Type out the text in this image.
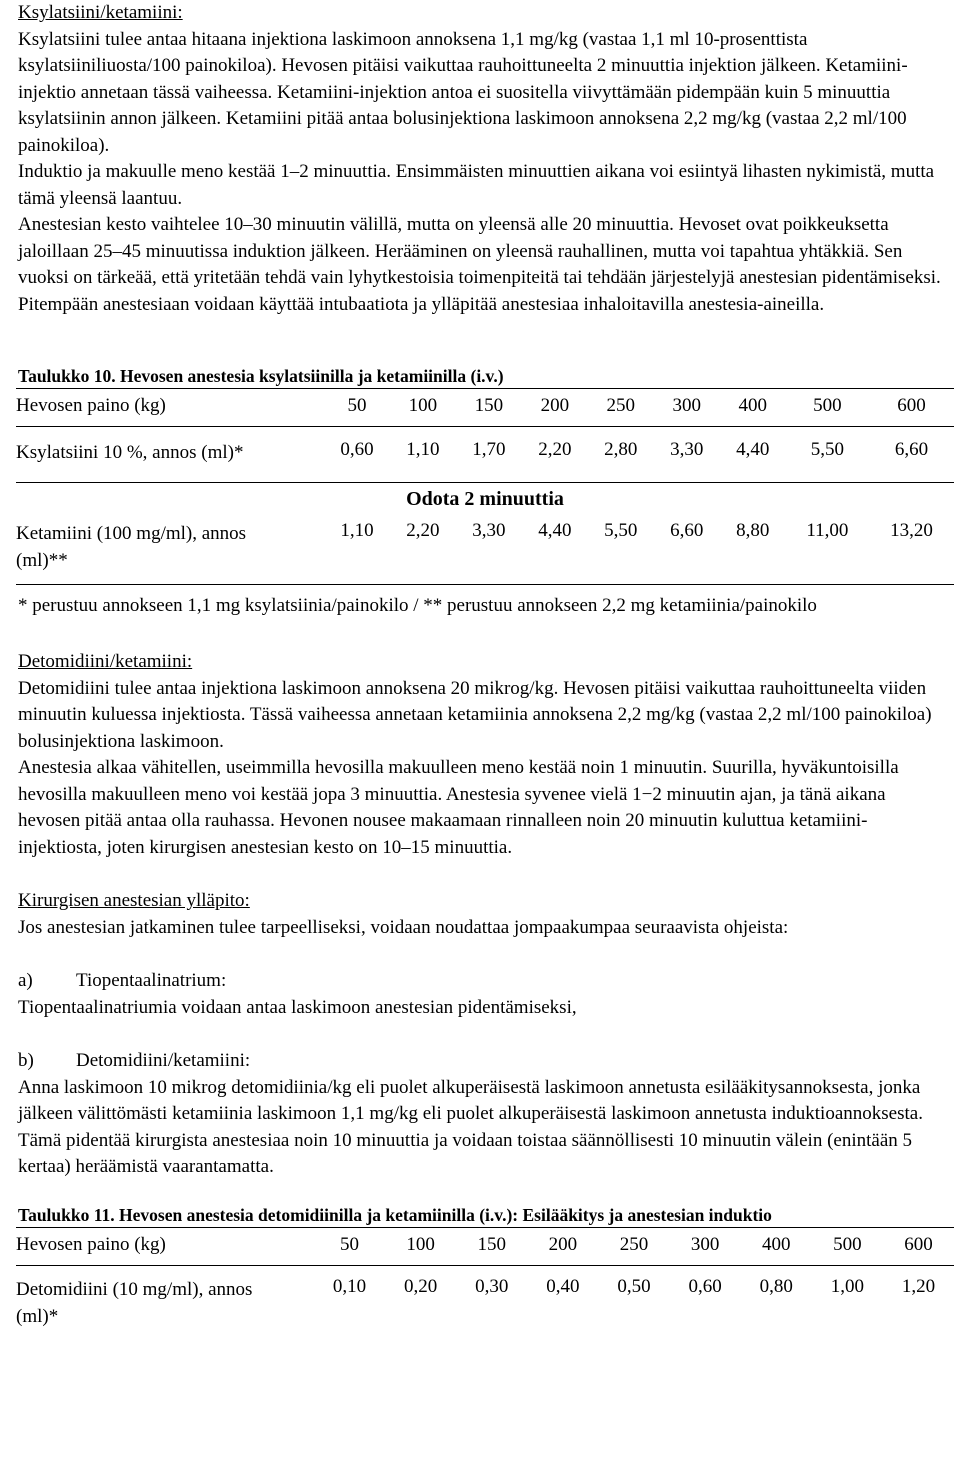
Ksylatsiini/ketamiini:

Ksylatsiini tulee antaa hitaana injektiona laskimoon annoksena 1,1 mg/kg (vastaa 1,1 ml 10-prosenttista ksylatsiiniliuosta/100 painokiloa). Hevosen pitäisi vaikuttaa rauhoittuneelta 2 minuuttia injektion jälkeen. Ketamiini-injektio annetaan tässä vaiheessa. Ketamiini-injektion antoa ei suositella viivyttämään pidempään kuin 5 minuuttia ksylatsiinin annon jälkeen. Ketamiini pitää antaa bolusinjektiona laskimoon annoksena 2,2 mg/kg (vastaa 2,2 ml/100 painokiloa).

Induktio ja makuulle meno kestää 1–2 minuuttia. Ensimmäisten minuuttien aikana voi esiintyä lihasten nykimistä, mutta tämä yleensä laantuu.

Anestesian kesto vaihtelee 10–30 minuutin välillä, mutta on yleensä alle 20 minuuttia. Hevoset ovat poikkeuksetta jaloillaan 25–45 minuutissa induktion jälkeen. Herääminen on yleensä rauhallinen, mutta voi tapahtua yhtäkkiä. Sen vuoksi on tärkeää, että yritetään tehdä vain lyhytkestoisia toimenpiteitä tai tehdään järjestelyjä anestesian pidentämiseksi. Pitempään anestesiaan voidaan käyttää intubaatiota ja ylläpitää anestesiaa inhaloitavilla anestesia-aineilla.

Taulukko 10. Hevosen anestesia ksylatsiinilla ja ketamiinilla (i.v.)

Hevosen paino (kg)	50	100	150	200	250	300	400	500	600
Ksylatsiini 10 %, annos (ml)*	0,60	1,10	1,70	2,20	2,80	3,30	4,40	5,50	6,60

Odota 2 minuuttia									
Ketamiini (100 mg/ml), annos (ml)**	1,10	2,20	3,30	4,40	5,50	6,60	8,80	11,00	13,20

* perustuu annokseen 1,1 mg ksylatsiinia/painokilo / ** perustuu annokseen 2,2 mg ketamiinia/painokilo

Detomidiini/ketamiini:

Detomidiini tulee antaa injektiona laskimoon annoksena 20 mikrog/kg. Hevosen pitäisi vaikuttaa rauhoittuneelta viiden minuutin kuluessa injektiosta. Tässä vaiheessa annetaan ketamiinia annoksena 2,2 mg/kg (vastaa 2,2 ml/100 painokiloa) bolusinjektiona laskimoon.

Anestesia alkaa vähitellen, useimmilla hevosilla makuulleen meno kestää noin 1 minuutin. Suurilla, hyväkuntoisilla hevosilla makuulleen meno voi kestää jopa 3 minuuttia. Anestesia syvenee vielä 1−2 minuutin ajan, ja tänä aikana hevosen pitää antaa olla rauhassa. Hevonen nousee makaamaan rinnalleen noin 20 minuutin kuluttua ketamiini-injektiosta, joten kirurgisen anestesian kesto on 10–15 minuuttia.

Kirurgisen anestesian ylläpito:

Jos anestesian jatkaminen tulee tarpeelliseksi, voidaan noudattaa jompaakumpaa seuraavista ohjeista:

a) Tiopentaalinatrium:

Tiopentaalinatriumia voidaan antaa laskimoon anestesian pidentämiseksi,

b) Detomidiini/ketamiini:

Anna laskimoon 10 mikrog detomidiinia/kg eli puolet alkuperäisestä laskimoon annetusta esilääkitysannoksesta, jonka jälkeen välittömästi ketamiinia laskimoon 1,1 mg/kg eli puolet alkuperäisestä laskimoon annetusta induktioannoksesta. Tämä pidentää kirurgista anestesiaa noin 10 minuuttia ja voidaan toistaa säännöllisesti 10 minuutin välein (enintään 5 kertaa) heräämistä vaarantamatta.

Taulukko 11. Hevosen anestesia detomidiinilla ja ketamiinilla (i.v.): Esilääkitys ja anestesian induktio

Hevosen paino (kg)	50	100	150	200	250	300	400	500	600
Detomidiini (10 mg/ml), annos (ml)*	0,10	0,20	0,30	0,40	0,50	0,60	0,80	1,00	1,20
